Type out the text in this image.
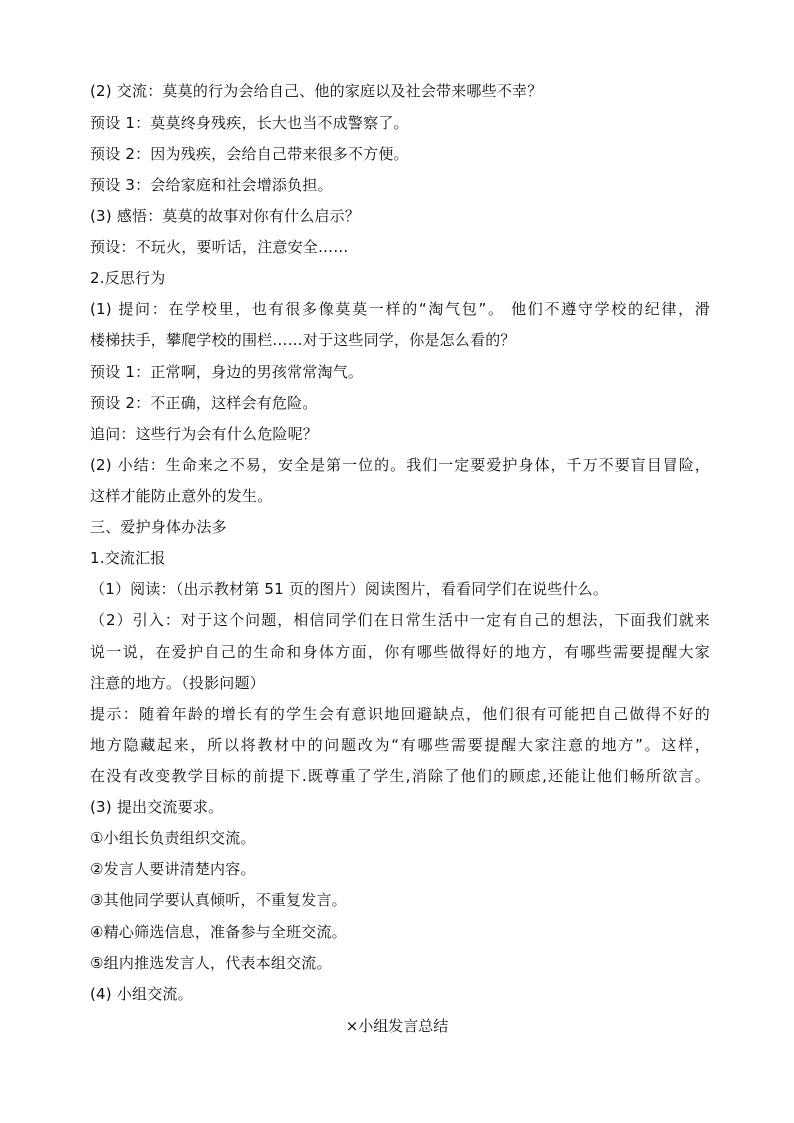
(2) 交流：莫莫的行为会给自己、他的家庭以及社会带来哪些不幸？
预设 1：莫莫终身残疾，长大也当不成警察了。
预设 2：因为残疾，会给自己带来很多不方便。
预设 3：会给家庭和社会增添负担。
(3) 感悟：莫莫的故事对你有什么启示？
预设：不玩火，要听话，注意安全……
2.反思行为
(1) 提问：在学校里，也有很多像莫莫一样的“淘气包”。 他们不遵守学校的纪律，滑
楼梯扶手，攀爬学校的围栏……对于这些同学，你是怎么看的？
预设 1：正常啊，身边的男孩常常淘气。
预设 2：不正确，这样会有危险。
追问：这些行为会有什么危险呢？
(2) 小结：生命来之不易，安全是第一位的。我们一定要爱护身体，千万不要盲目冒险，
这样才能防止意外的发生。
三、爱护身体办法多
1.交流汇报
（1）阅读：（出示教材第 51 页的图片）阅读图片，看看同学们在说些什么。
（2）引入：对于这个问题，相信同学们在日常生活中一定有自己的想法，下面我们就来
说一说，在爱护自己的生命和身体方面，你有哪些做得好的地方，有哪些需要提醒大家
注意的地方。（投影问题）
提示：随着年龄的增长有的学生会有意识地回避缺点，他们很有可能把自己做得不好的
地方隐藏起来，所以将教材中的问题改为“有哪些需要提醒大家注意的地方”。这样，
在没有改变教学目标的前提下.既尊重了学生,消除了他们的顾虑,还能让他们畅所欲言。
(3) 提出交流要求。
①小组长负责组织交流。
②发言人要讲清楚内容。
③其他同学要认真倾听，不重复发言。
④精心筛选信息，准备参与全班交流。
⑤组内推选发言人，代表本组交流。
(4) 小组交流。
×小组发言总结
